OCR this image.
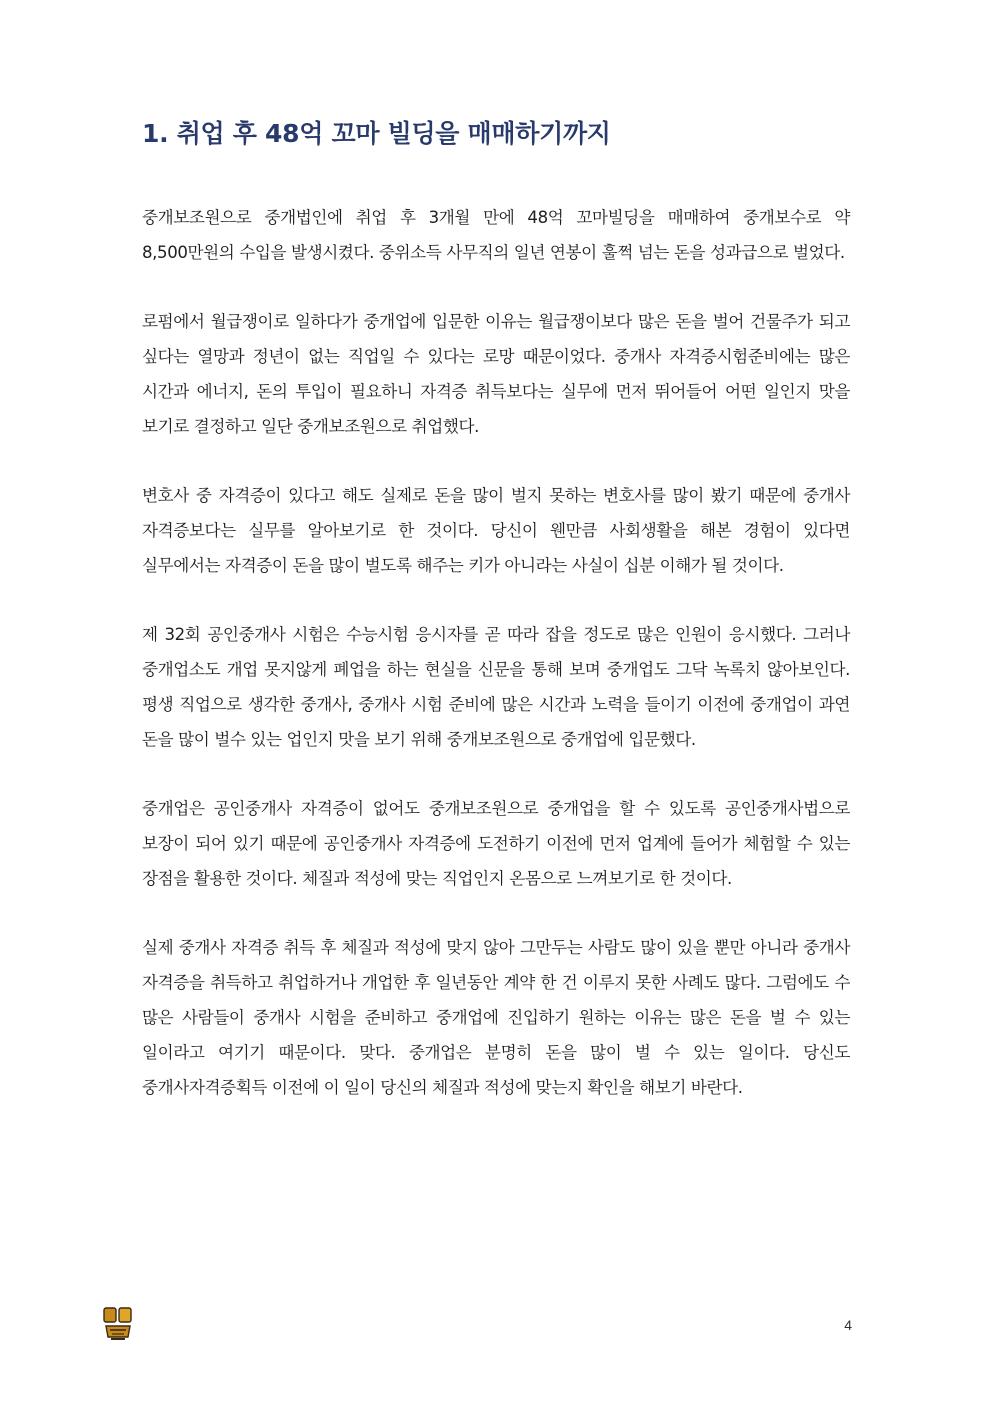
1. 취업 후 48억 꼬마 빌딩을 매매하기까지

중개보조원으로 중개법인에 취업 후 3개월 만에 48억 꼬마빌딩을 매매하여 중개보수로 약 8,500만원의 수입을 발생시켰다. 중위소득 사무직의 일년 연봉이 훌쩍 넘는 돈을 성과급으로 벌었다.

로펌에서 월급쟁이로 일하다가 중개업에 입문한 이유는 월급쟁이보다 많은 돈을 벌어 건물주가 되고 싶다는 열망과 정년이 없는 직업일 수 있다는 로망 때문이었다. 중개사 자격증시험준비에는 많은 시간과 에너지, 돈의 투입이 필요하니 자격증 취득보다는 실무에 먼저 뛰어들어 어떤 일인지 맛을 보기로 결정하고 일단 중개보조원으로 취업했다.

변호사 중 자격증이 있다고 해도 실제로 돈을 많이 벌지 못하는 변호사를 많이 봤기 때문에 중개사 자격증보다는 실무를 알아보기로 한 것이다. 당신이 웬만큼 사회생활을 해본 경험이 있다면 실무에서는 자격증이 돈을 많이 벌도록 해주는 키가 아니라는 사실이 십분 이해가 될 것이다.

제 32회 공인중개사 시험은 수능시험 응시자를 곧 따라 잡을 정도로 많은 인원이 응시했다. 그러나 중개업소도 개업 못지않게 폐업을 하는 현실을 신문을 통해 보며 중개업도 그닥 녹록치 않아보인다. 평생 직업으로 생각한 중개사, 중개사 시험 준비에 많은 시간과 노력을 들이기 이전에 중개업이 과연 돈을 많이 벌수 있는 업인지 맛을 보기 위해 중개보조원으로 중개업에 입문했다.

중개업은 공인중개사 자격증이 없어도 중개보조원으로 중개업을 할 수 있도록 공인중개사법으로 보장이 되어 있기 때문에 공인중개사 자격증에 도전하기 이전에 먼저 업계에 들어가 체험할 수 있는 장점을 활용한 것이다. 체질과 적성에 맞는 직업인지 온몸으로 느껴보기로 한 것이다.

실제 중개사 자격증 취득 후 체질과 적성에 맞지 않아 그만두는 사람도 많이 있을 뿐만 아니라 중개사 자격증을 취득하고 취업하거나 개업한 후 일년동안 계약 한 건 이루지 못한 사례도 많다. 그럼에도 수 많은 사람들이 중개사 시험을 준비하고 중개업에 진입하기 원하는 이유는 많은 돈을 벌 수 있는 일이라고 여기기 때문이다. 맞다. 중개업은 분명히 돈을 많이 벌 수 있는 일이다. 당신도 중개사자격증획득 이전에 이 일이 당신의 체질과 적성에 맞는지 확인을 해보기 바란다.

4
